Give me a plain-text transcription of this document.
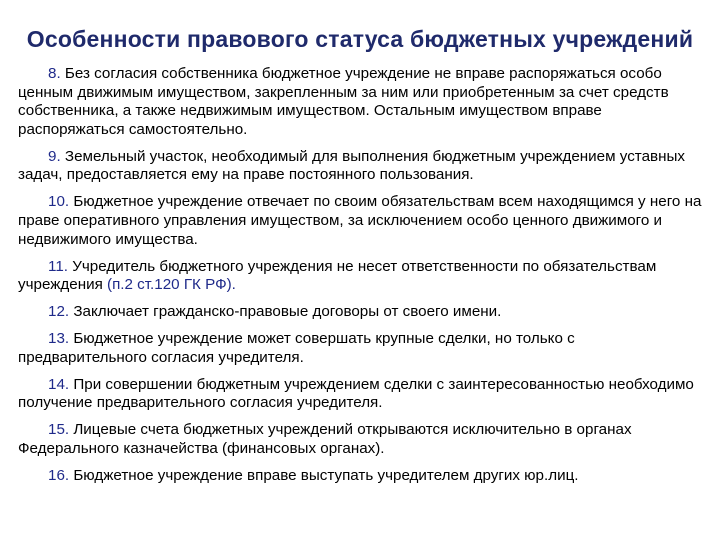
Особенности правового статуса бюджетных учреждений

8. Без согласия собственника бюджетное учреждение не вправе распоряжаться особо ценным движимым имуществом, закрепленным за ним или приобретенным за счет средств собственника, а также недвижимым имуществом. Остальным имуществом вправе распоряжаться самостоятельно.

9. Земельный участок, необходимый для выполнения бюджетным учреждением уставных задач, предоставляется ему на праве постоянного пользования.

10. Бюджетное учреждение отвечает по своим обязательствам всем находящимся у него на праве оперативного управления имуществом, за исключением особо ценного движимого и недвижимого имущества.

11. Учредитель бюджетного учреждения не несет ответственности по обязательствам учреждения (п.2 ст.120 ГК РФ).

12. Заключает гражданско-правовые договоры от своего имени.

13. Бюджетное учреждение может совершать крупные сделки, но только с предварительного согласия учредителя.

14. При совершении бюджетным учреждением сделки с заинтересованностью необходимо получение предварительного согласия учредителя.

15. Лицевые счета бюджетных учреждений открываются исключительно в органах Федерального казначейства (финансовых органах).

16. Бюджетное учреждение вправе выступать учредителем других юр.лиц.
